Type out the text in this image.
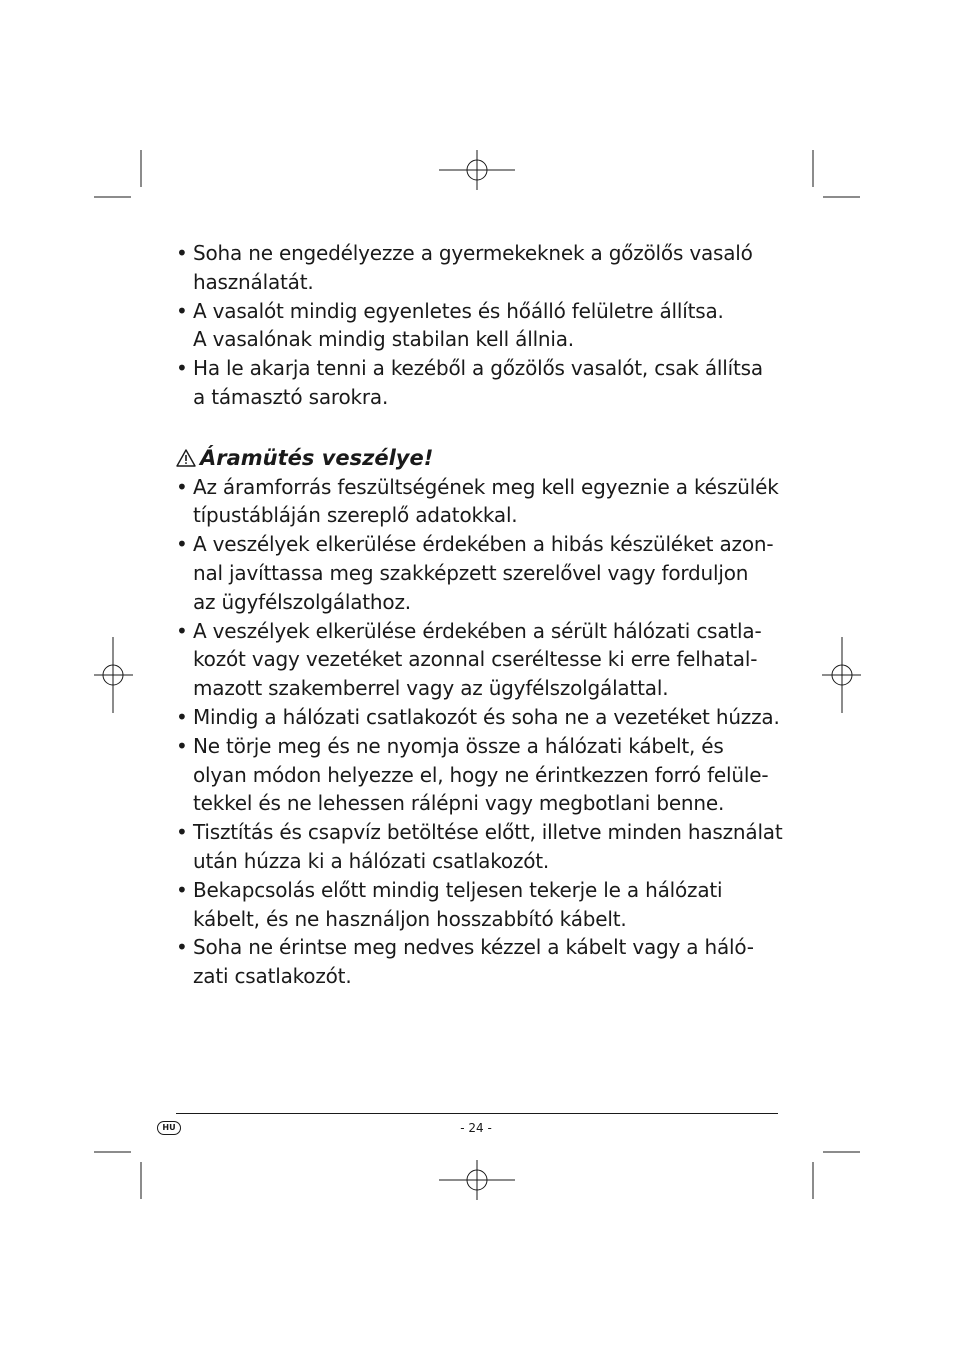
• Soha ne engedélyezze a gyermekeknek a gőzölős vasaló
használatát.
• A vasalót mindig egyenletes és hőálló felületre állítsa.
A vasalónak mindig stabilan kell állnia.
• Ha le akarja tenni a kezéből a gőzölős vasalót, csak állítsa
a támasztó sarokra.
Áramütés veszélye!
• Az áramforrás feszültségének meg kell egyeznie a készülék
típustábláján szereplő adatokkal.
• A veszélyek elkerülése érdekében a hibás készüléket azon-
nal javíttassa meg szakképzett szerelővel vagy forduljon
az ügyfélszolgálathoz.
• A veszélyek elkerülése érdekében a sérült hálózati csatla-
kozót vagy vezetéket azonnal cseréltesse ki erre felhatal-
mazott szakemberrel vagy az ügyfélszolgálattal.
• Mindig a hálózati csatlakozót és soha ne a vezetéket húzza.
• Ne törje meg és ne nyomja össze a hálózati kábelt, és
olyan módon helyezze el, hogy ne érintkezzen forró felüle-
tekkel és ne lehessen rálépni vagy megbotlani benne.
• Tisztítás és csapvíz betöltése előtt, illetve minden használat
után húzza ki a hálózati csatlakozót.
• Bekapcsolás előtt mindig teljesen tekerje le a hálózati
kábelt, és ne használjon hosszabbító kábelt.
• Soha ne érintse meg nedves kézzel a kábelt vagy a háló-
zati csatlakozót.
HU	- 24 -
